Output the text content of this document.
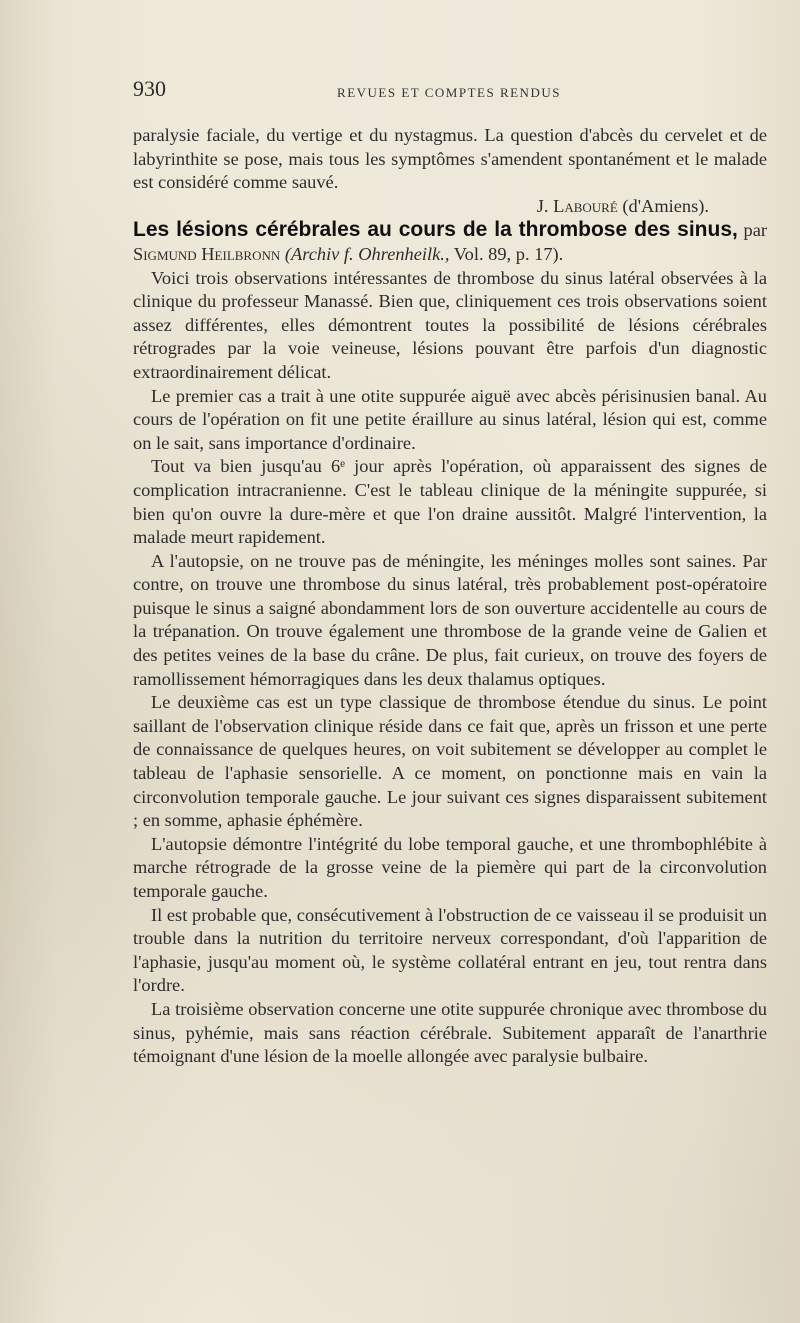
930	REVUES ET COMPTES RENDUS

paralysie faciale, du vertige et du nystagmus. La question d'abcès du cervelet et de labyrinthite se pose, mais tous les symptômes s'amendent spontanément et le malade est considéré comme sauvé.

J. Labouré (d'Amiens).

Les lésions cérébrales au cours de la thrombose des sinus, par Sigmund Heilbronn (Archiv f. Ohrenheilk., Vol. 89, p. 17).

Voici trois observations intéressantes de thrombose du sinus latéral observées à la clinique du professeur Manassé. Bien que, cliniquement ces trois observations soient assez différentes, elles démontrent toutes la possibilité de lésions cérébrales rétrogrades par la voie veineuse, lésions pouvant être parfois d'un diagnostic extraordinairement délicat.

Le premier cas a trait à une otite suppurée aiguë avec abcès périsinusien banal. Au cours de l'opération on fit une petite éraillure au sinus latéral, lésion qui est, comme on le sait, sans importance d'ordinaire.

Tout va bien jusqu'au 6ᵉ jour après l'opération, où apparaissent des signes de complication intracranienne. C'est le tableau clinique de la méningite suppurée, si bien qu'on ouvre la dure-mère et que l'on draine aussitôt. Malgré l'intervention, la malade meurt rapidement.

A l'autopsie, on ne trouve pas de méningite, les méninges molles sont saines. Par contre, on trouve une thrombose du sinus latéral, très probablement post-opératoire puisque le sinus a saigné abondamment lors de son ouverture accidentelle au cours de la trépanation. On trouve également une thrombose de la grande veine de Galien et des petites veines de la base du crâne. De plus, fait curieux, on trouve des foyers de ramollissement hémorragiques dans les deux thalamus optiques.

Le deuxième cas est un type classique de thrombose étendue du sinus. Le point saillant de l'observation clinique réside dans ce fait que, après un frisson et une perte de connaissance de quelques heures, on voit subitement se développer au complet le tableau de l'aphasie sensorielle. A ce moment, on ponctionne mais en vain la circonvolution temporale gauche. Le jour suivant ces signes disparaissent subitement ; en somme, aphasie éphémère.

L'autopsie démontre l'intégrité du lobe temporal gauche, et une thrombophlébite à marche rétrograde de la grosse veine de la piemère qui part de la circonvolution temporale gauche.

Il est probable que, consécutivement à l'obstruction de ce vaisseau il se produisit un trouble dans la nutrition du territoire nerveux correspondant, d'où l'apparition de l'aphasie, jusqu'au moment où, le système collatéral entrant en jeu, tout rentra dans l'ordre.

La troisième observation concerne une otite suppurée chronique avec thrombose du sinus, pyhémie, mais sans réaction cérébrale. Subitement apparaît de l'anarthrie témoignant d'une lésion de la moelle allongée avec paralysie bulbaire.
